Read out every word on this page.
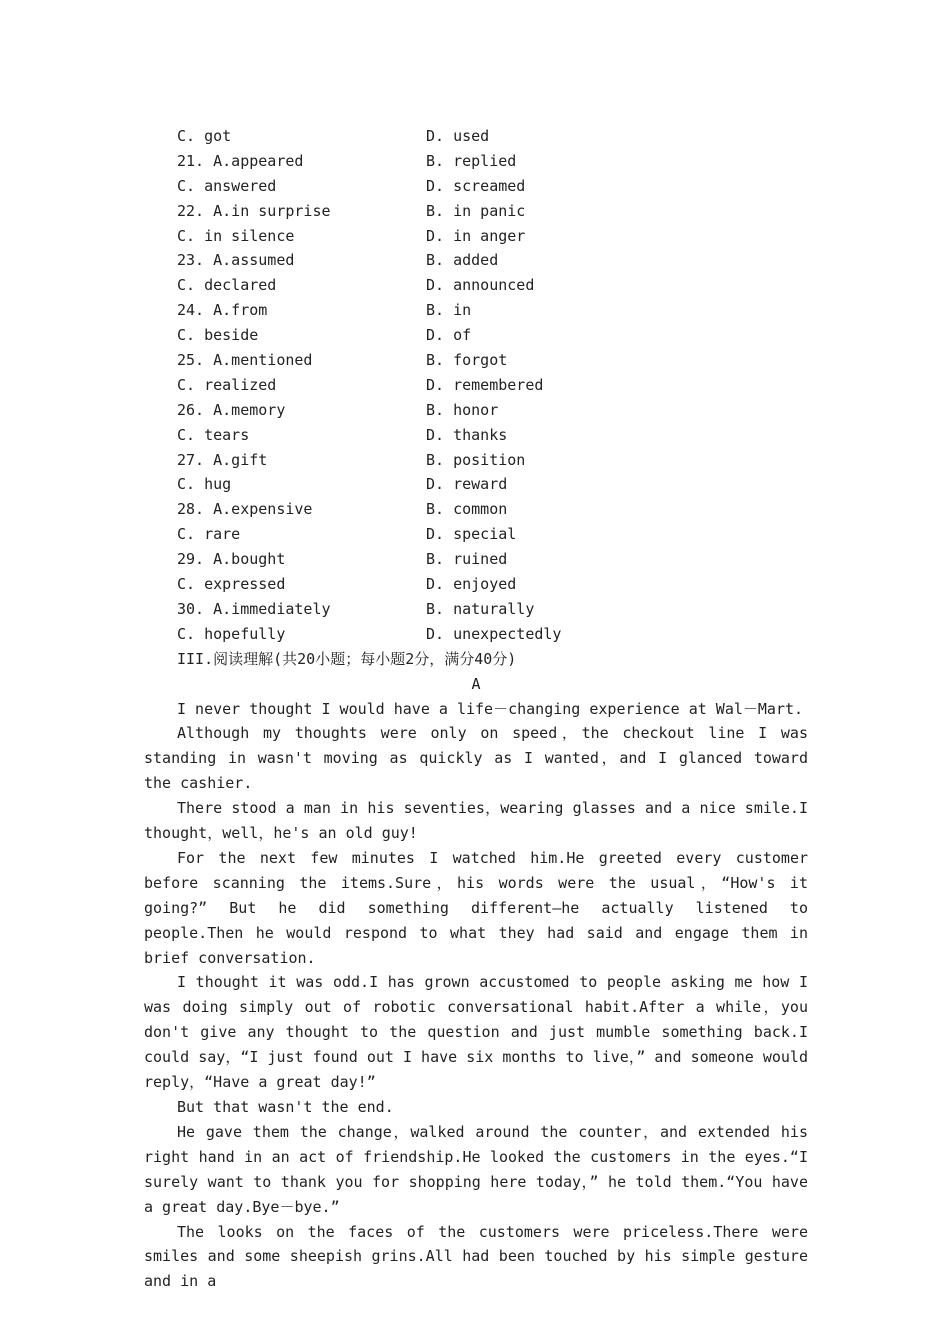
C. got	D. used
21. A.appeared	B. replied
C. answered	D. screamed
22. A.in surprise	B. in panic
C. in silence	D. in anger
23. A.assumed	B. added
C. declared	D. announced
24. A.from	B. in
C. beside	D. of
25. A.mentioned	B. forgot
C. realized	D. remembered
26. A.memory	B. honor
C. tears	D. thanks
27. A.gift	B. position
C. hug	D. reward
28. A.expensive	B. common
C. rare	D. special
29. A.bought	B. ruined
C. expressed	D. enjoyed
30. A.immediately	B. naturally
C. hopefully	D. unexpectedly
III.阅读理解(共20小题；每小题2分，满分40分)
A

I never thought I would have a life－changing experience at Wal－Mart.

Although my thoughts were only on speed，the checkout line I was standing in wasn't moving as quickly as I wanted，and I glanced toward the cashier.

There stood a man in his seventies，wearing glasses and a nice smile.I thought，well，he's an old guy!

For the next few minutes I watched him.He greeted every customer before scanning the items.Sure，his words were the usual，“How's it going?” But he did something different—he actually listened to people.Then he would respond to what they had said and engage them in brief conversation.

I thought it was odd.I has grown accustomed to people asking me how I was doing simply out of robotic conversational habit.After a while，you don't give any thought to the question and just mumble something back.I could say，“I just found out I have six months to live，” and someone would reply，“Have a great day!”

But that wasn't the end.

He gave them the change，walked around the counter，and extended his right hand in an act of friendship.He looked the customers in the eyes.“I surely want to thank you for shopping here today，” he told them.“You have a great day.Bye－bye.”

The looks on the faces of the customers were priceless.There were smiles and some sheepish grins.All had been touched by his simple gesture and in a
